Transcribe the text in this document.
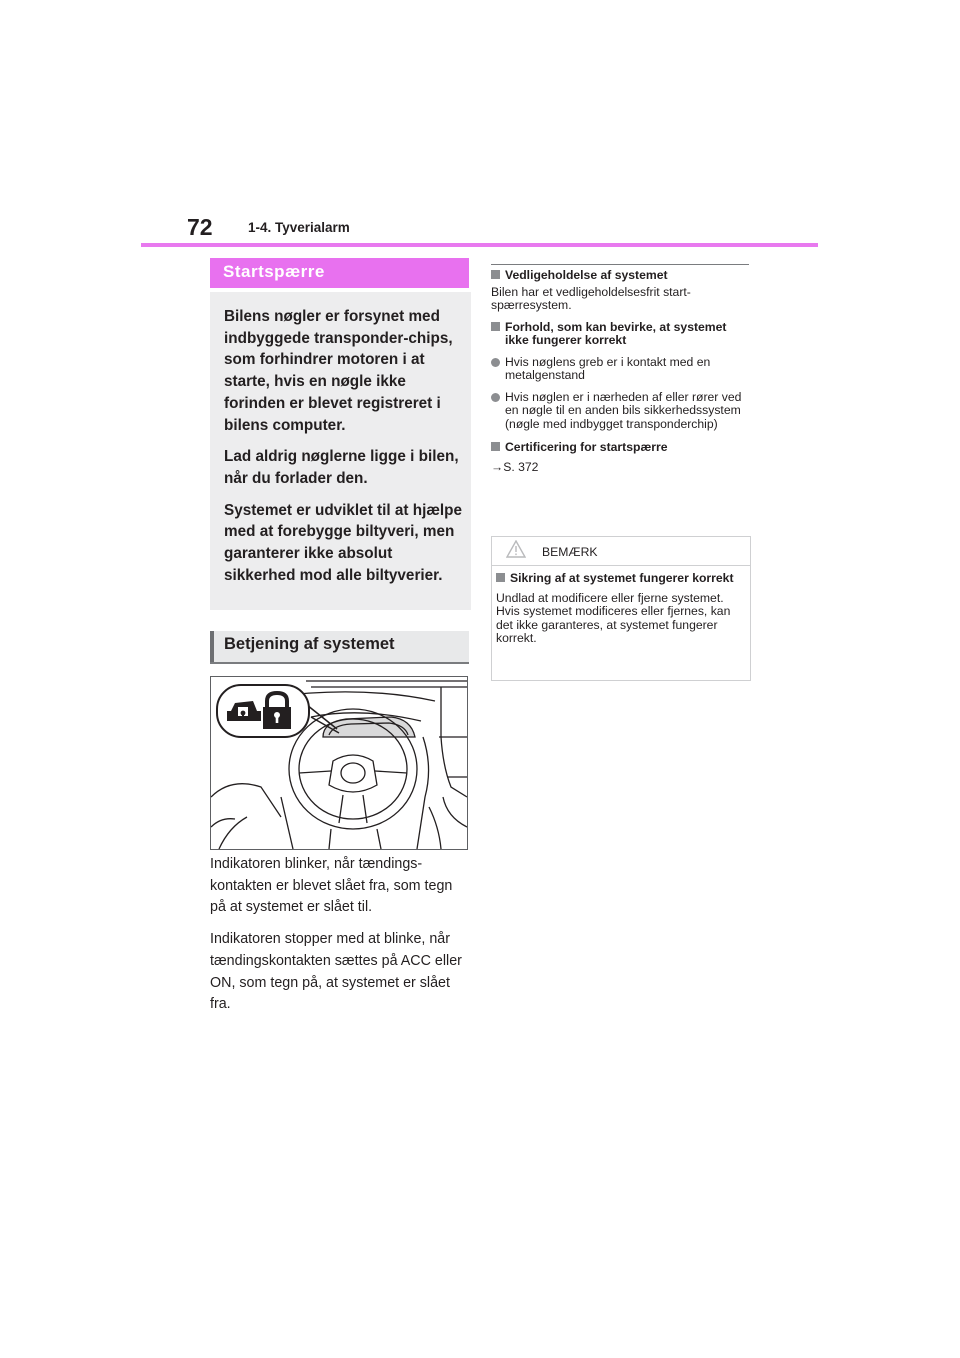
72	1-4. Tyverialarm
Startspærre

Bilens nøgler er forsynet med indbyggede transponder-chips, som forhindrer motoren i at starte, hvis en nøgle ikke forinden er blevet registreret i bilens computer.

Lad aldrig nøglerne ligge i bilen, når du forlader den.

Systemet er udviklet til at hjælpe med at forebygge biltyveri, men garanterer ikke absolut sikkerhed mod alle biltyverier.

Betjening af systemet

Indikatoren blinker, når tændings-kontakten er blevet slået fra, som tegn på at systemet er slået til.

Indikatoren stopper med at blinke, når tændingskontakten sættes på ACC eller ON, som tegn på, at systemet er slået fra.

Vedligeholdelse af systemet

Bilen har et vedligeholdelsesfrit start-spærresystem.

Forhold, som kan bevirke, at systemet ikke fungerer korrekt
Hvis nøglens greb er i kontakt med en metalgenstand
Hvis nøglen er i nærheden af eller rører ved en nøgle til en anden bils sikkerhedssystem (nøgle med indbygget transponderchip)
Certificering for startspærre

→S. 372

BEMÆRK
Sikring af at systemet fungerer korrekt

Undlad at modificere eller fjerne systemet. Hvis systemet modificeres eller fjernes, kan det ikke garanteres, at systemet fungerer korrekt.
